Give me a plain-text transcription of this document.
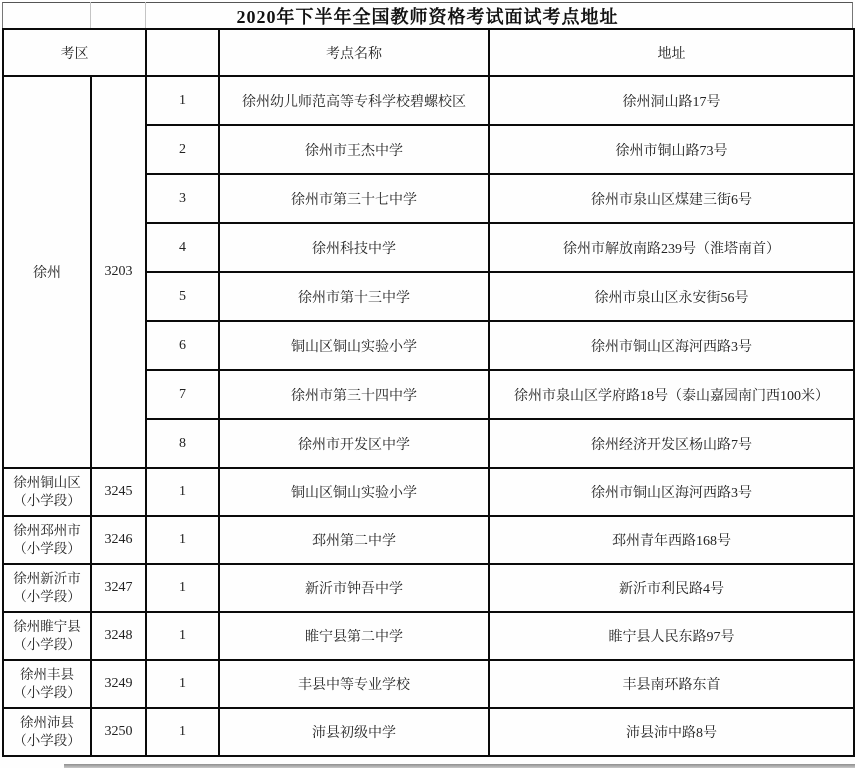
2020年下半年全国教师资格考试面试考点地址
考区			考点名称	地址
徐州	3203	1	徐州幼儿师范高等专科学校碧螺校区	徐州洞山路17号
		2	徐州市王杰中学	徐州市铜山路73号
		3	徐州市第三十七中学	徐州市泉山区煤建三街6号
		4	徐州科技中学	徐州市解放南路239号（淮塔南首）
		5	徐州市第十三中学	徐州市泉山区永安街56号
		6	铜山区铜山实验小学	徐州市铜山区海河西路3号
		7	徐州市第三十四中学	徐州市泉山区学府路18号（泰山嘉园南门西100米）
		8	徐州市开发区中学	徐州经济开发区杨山路7号

徐州铜山区
（小学段）	3245	1	铜山区铜山实验小学	徐州市铜山区海河西路3号

徐州邳州市
（小学段）	3246	1	邳州第二中学	邳州青年西路168号

徐州新沂市
（小学段）	3247	1	新沂市钟吾中学	新沂市利民路4号

徐州睢宁县
（小学段）	3248	1	睢宁县第二中学	睢宁县人民东路97号

徐州丰县
（小学段）	3249	1	丰县中等专业学校	丰县南环路东首

徐州沛县
（小学段）	3250	1	沛县初级中学	沛县沛中路8号
